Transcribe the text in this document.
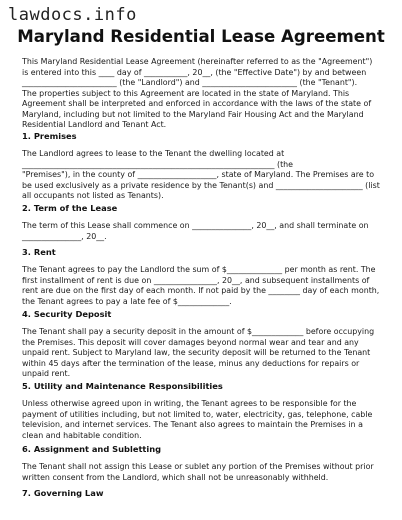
lawdocs.info
Maryland Residential Lease Agreement

This Maryland Residential Lease Agreement (hereinafter referred to as the "Agreement")
is entered into this ____ day of ___________, 20__, (the "Effective Date") by and between
________________________ (the "Landlord") and ________________________ (the "Tenant").
The properties subject to this Agreement are located in the state of Maryland. This
Agreement shall be interpreted and enforced in accordance with the laws of the state of
Maryland, including but not limited to the Maryland Fair Housing Act and the Maryland
Residential Landlord and Tenant Act.

1. Premises

The Landlord agrees to lease to the Tenant the dwelling located at
________________________________________________________________ (the
"Premises"), in the county of ____________________, state of Maryland. The Premises are to
be used exclusively as a private residence by the Tenant(s) and ______________________ (list
all occupants not listed as Tenants).

2. Term of the Lease

The term of this Lease shall commence on _______________, 20__, and shall terminate on
_______________, 20__.

3. Rent

The Tenant agrees to pay the Landlord the sum of $______________ per month as rent. The
first installment of rent is due on ________________, 20__, and subsequent installments of
rent are due on the first day of each month. If not paid by the ________ day of each month,
the Tenant agrees to pay a late fee of $_____________.

4. Security Deposit

The Tenant shall pay a security deposit in the amount of $_____________ before occupying
the Premises. This deposit will cover damages beyond normal wear and tear and any
unpaid rent. Subject to Maryland law, the security deposit will be returned to the Tenant
within 45 days after the termination of the lease, minus any deductions for repairs or
unpaid rent.

5. Utility and Maintenance Responsibilities

Unless otherwise agreed upon in writing, the Tenant agrees to be responsible for the
payment of utilities including, but not limited to, water, electricity, gas, telephone, cable
television, and internet services. The Tenant also agrees to maintain the Premises in a
clean and habitable condition.

6. Assignment and Subletting

The Tenant shall not assign this Lease or sublet any portion of the Premises without prior
written consent from the Landlord, which shall not be unreasonably withheld.

7. Governing Law
